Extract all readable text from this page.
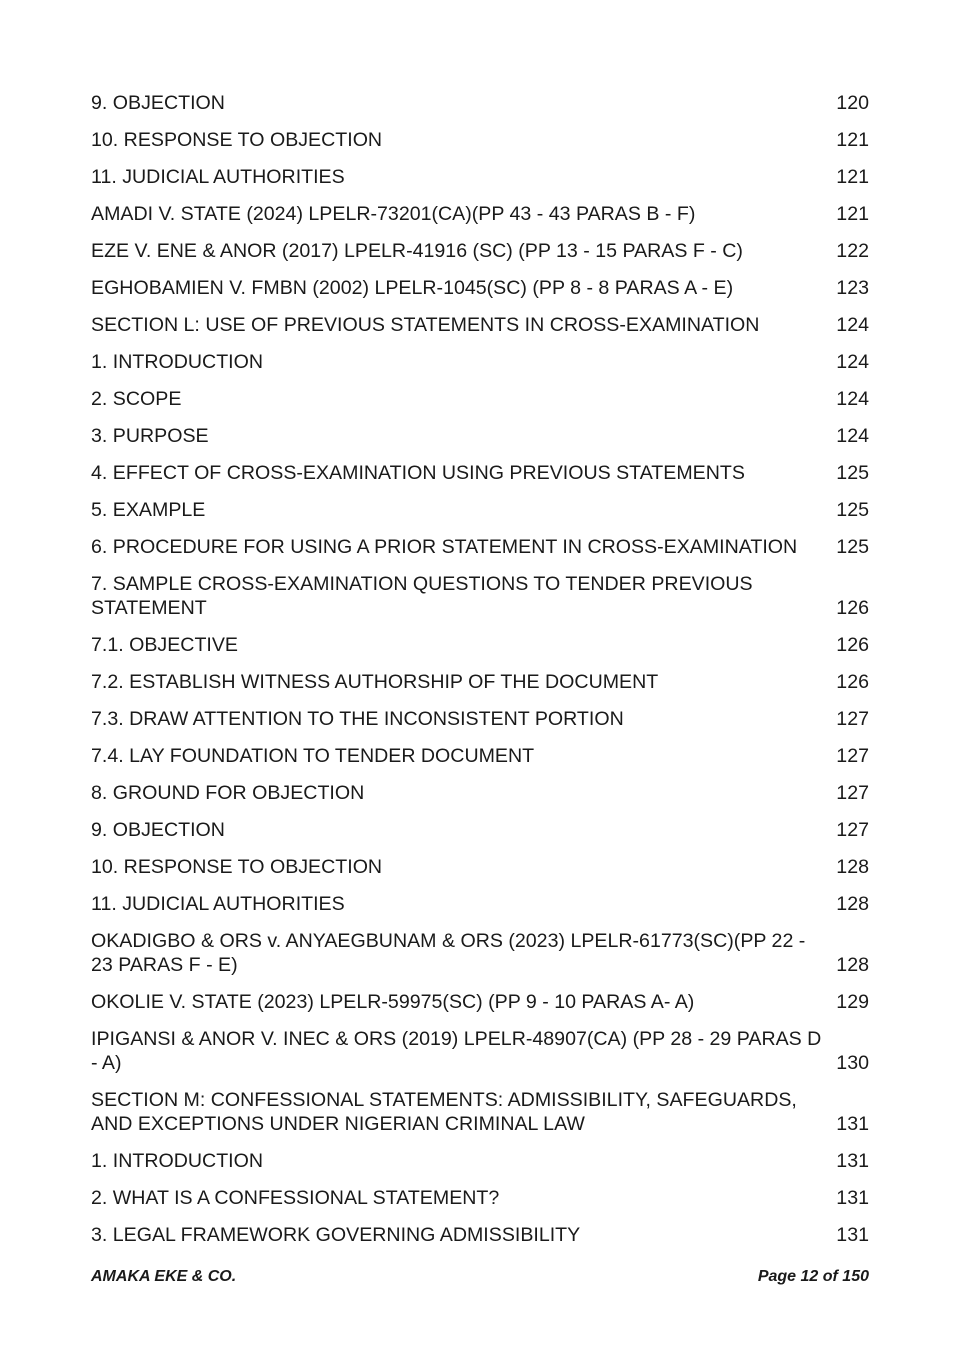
9. OBJECTION	120
10. RESPONSE TO OBJECTION	121
11. JUDICIAL AUTHORITIES	121
AMADI V. STATE (2024) LPELR-73201(CA)(PP 43 - 43 PARAS B - F)	121
EZE V. ENE & ANOR (2017) LPELR-41916 (SC) (PP 13 - 15 PARAS F - C)	122
EGHOBAMIEN V. FMBN (2002) LPELR-1045(SC) (PP 8 - 8 PARAS A - E)	123
SECTION L: USE OF PREVIOUS STATEMENTS IN CROSS-EXAMINATION	124
1. INTRODUCTION	124
2. SCOPE	124
3. PURPOSE	124
4. EFFECT OF CROSS-EXAMINATION USING PREVIOUS STATEMENTS	125
5. EXAMPLE	125
6. PROCEDURE FOR USING A PRIOR STATEMENT IN CROSS-EXAMINATION	125
7. SAMPLE CROSS-EXAMINATION QUESTIONS TO TENDER PREVIOUS STATEMENT	126
7.1. OBJECTIVE	126
7.2. ESTABLISH WITNESS AUTHORSHIP OF THE DOCUMENT	126
7.3. DRAW ATTENTION TO THE INCONSISTENT PORTION	127
7.4. LAY FOUNDATION TO TENDER DOCUMENT	127
8. GROUND FOR OBJECTION	127
9. OBJECTION	127
10. RESPONSE TO OBJECTION	128
11. JUDICIAL AUTHORITIES	128
OKADIGBO & ORS v. ANYAEGBUNAM & ORS (2023) LPELR-61773(SC)(PP 22 - 23 PARAS F - E)	128
OKOLIE V. STATE (2023) LPELR-59975(SC) (PP 9 - 10 PARAS A- A)	129
IPIGANSI & ANOR V. INEC & ORS (2019) LPELR-48907(CA) (PP 28 - 29 PARAS D - A)	130
SECTION M: CONFESSIONAL STATEMENTS: ADMISSIBILITY, SAFEGUARDS, AND EXCEPTIONS UNDER NIGERIAN CRIMINAL LAW	131
1. INTRODUCTION	131
2. WHAT IS A CONFESSIONAL STATEMENT?	131
3. LEGAL FRAMEWORK GOVERNING ADMISSIBILITY	131
AMAKA EKE & CO.	Page 12 of 150
